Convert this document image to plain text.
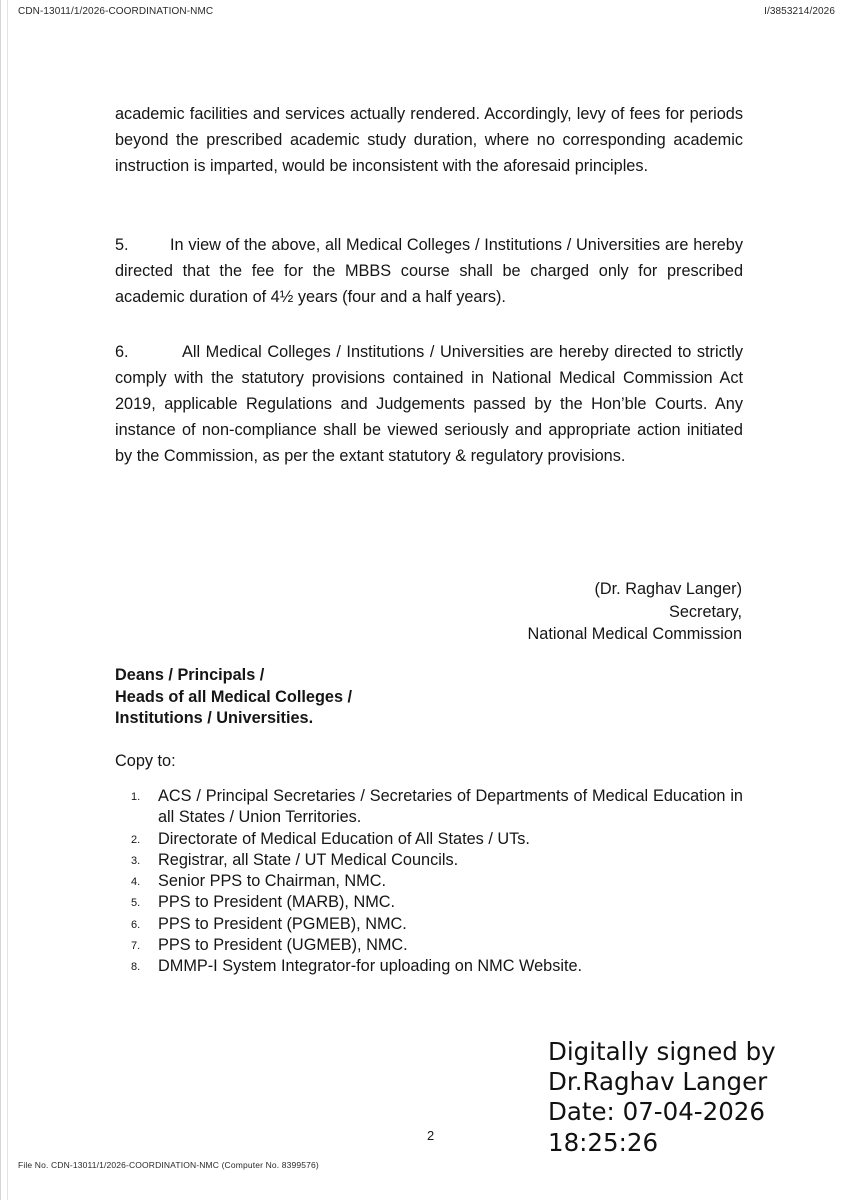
CDN-13011/1/2026-COORDINATION-NMC	I/3853214/2026

academic facilities and services actually rendered. Accordingly, levy of fees for periods beyond the prescribed academic study duration, where no corresponding academic instruction is imparted, would be inconsistent with the aforesaid principles.

5.	In view of the above, all Medical Colleges / Institutions / Universities are hereby directed that the fee for the MBBS course shall be charged only for prescribed academic duration of 4½ years (four and a half years).

6.	All Medical Colleges / Institutions / Universities are hereby directed to strictly comply with the statutory provisions contained in National Medical Commission Act 2019, applicable Regulations and Judgements passed by the Hon’ble Courts. Any instance of non-compliance shall be viewed seriously and appropriate action initiated by the Commission, as per the extant statutory & regulatory provisions.

(Dr. Raghav Langer)
Secretary,
National Medical Commission
Deans / Principals /
Heads of all Medical Colleges /
Institutions / Universities.
Copy to:
1. ACS / Principal Secretaries / Secretaries of Departments of Medical Education in all States / Union Territories.
2. Directorate of Medical Education of All States / UTs.
3. Registrar, all State / UT Medical Councils.
4. Senior PPS to Chairman, NMC.
5. PPS to President (MARB), NMC.
6. PPS to President (PGMEB), NMC.
7. PPS to President (UGMEB), NMC.
8. DMMP-I System Integrator-for uploading on NMC Website.
Digitally signed by
Dr.Raghav Langer
Date: 07-04-2026
18:25:26
2
File No. CDN-13011/1/2026-COORDINATION-NMC (Computer No. 8399576)
